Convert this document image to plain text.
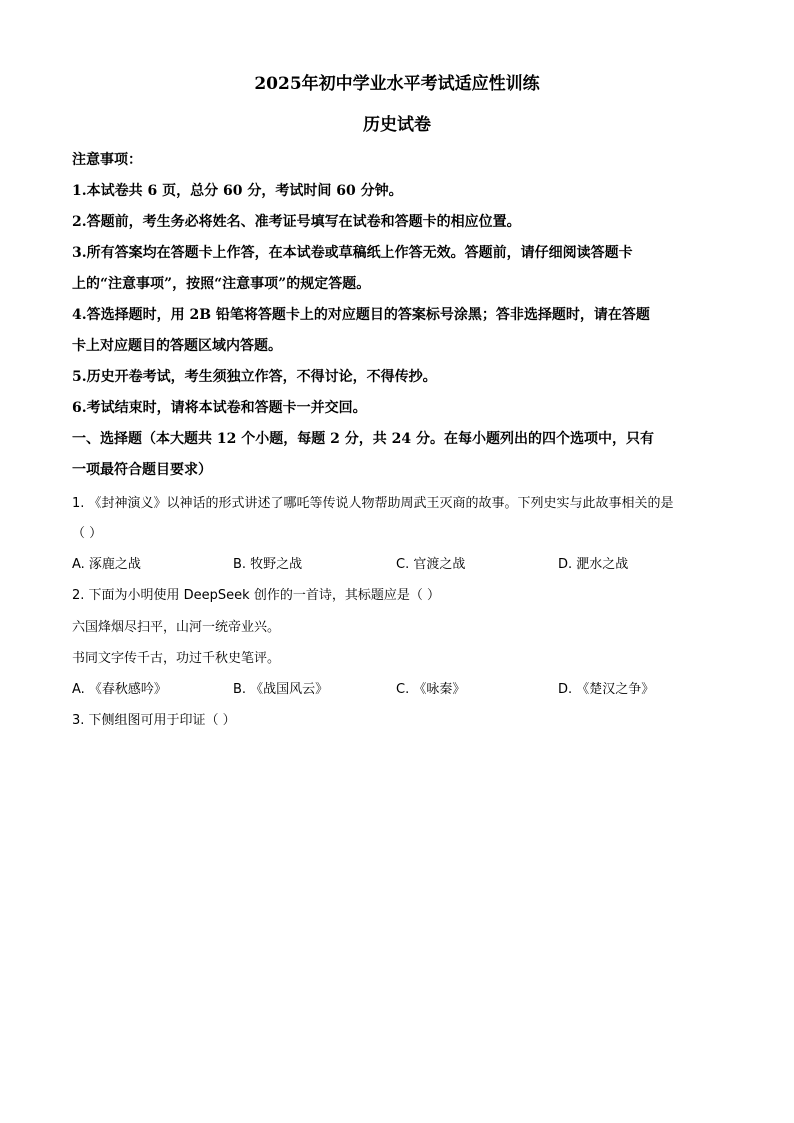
2025年初中学业水平考试适应性训练
历史试卷
注意事项：
1.本试卷共 6 页，总分 60 分，考试时间 60 分钟。
2.答题前，考生务必将姓名、准考证号填写在试卷和答题卡的相应位置。
3.所有答案均在答题卡上作答，在本试卷或草稿纸上作答无效。答题前，请仔细阅读答题卡
上的“注意事项”，按照“注意事项”的规定答题。
4.答选择题时，用 2B 铅笔将答题卡上的对应题目的答案标号涂黑；答非选择题时，请在答题
卡上对应题目的答题区域内答题。
5.历史开卷考试，考生须独立作答，不得讨论，不得传抄。
6.考试结束时，请将本试卷和答题卡一并交回。
一、选择题（本大题共 12 个小题，每题 2 分，共 24 分。在每小题列出的四个选项中，只有
一项最符合题目要求）
1. 《封神演义》以神话的形式讲述了哪吒等传说人物帮助周武王灭商的故事。下列史实与此故事相关的是
（ ）
A. 涿鹿之战	B. 牧野之战	C. 官渡之战	D. 淝水之战
2. 下面为小明使用 DeepSeek 创作的一首诗，其标题应是（ ）
六国烽烟尽扫平，山河一统帝业兴。
书同文字传千古，功过千秋史笔评。
A. 《春秋感吟》	B. 《战国风云》	C. 《咏秦》	D. 《楚汉之争》
3. 下侧组图可用于印证（ ）
